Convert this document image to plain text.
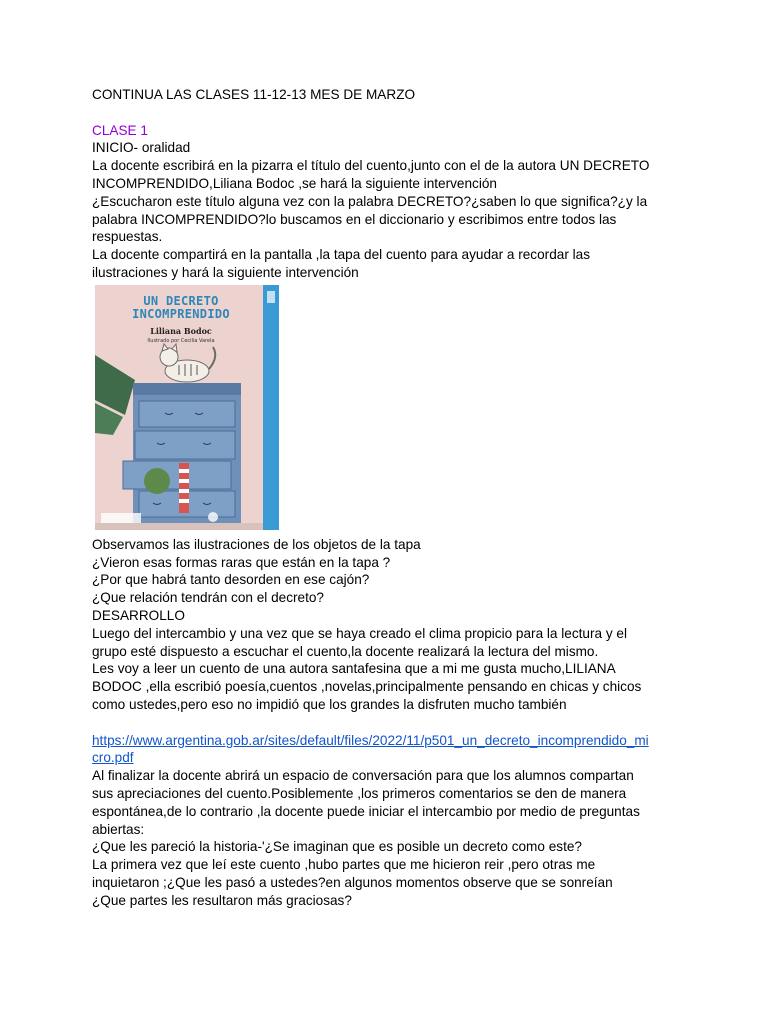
CONTINUA LAS CLASES 11-12-13 MES DE MARZO
CLASE 1
INICIO- oralidad
La docente escribirá en la pizarra el título del cuento,junto con el de la autora UN DECRETO
INCOMPRENDIDO,Liliana Bodoc ,se hará la siguiente intervención
¿Escucharon este título alguna vez con la palabra DECRETO?¿saben lo que significa?¿y la
palabra INCOMPRENDIDO?lo buscamos en el diccionario y escribimos entre todos las
respuestas.
La docente compartirá en la pantalla ,la tapa del cuento para ayudar a recordar las
ilustraciones y hará la siguiente intervención
UN DECRETO
INCOMPRENDIDO
Liliana Bodoc
Ilustrado por Cecilia Varela
Observamos las ilustraciones de los objetos de la tapa
¿Vieron esas formas raras que están en la tapa ?
¿Por que habrá tanto desorden en ese cajón?
¿Que relación tendrán con el decreto?
DESARROLLO
Luego del intercambio y una vez que se haya creado el clima propicio para la lectura y el
grupo esté dispuesto a escuchar el cuento,la docente realizará la lectura del mismo.
Les voy a leer un cuento de una autora santafesina que a mi me gusta mucho,LILIANA
BODOC ,ella escribió poesía,cuentos ,novelas,principalmente pensando en chicas y chicos
como ustedes,pero eso no impidió que los grandes la disfruten mucho también
https://www.argentina.gob.ar/sites/default/files/2022/11/p501_un_decreto_incomprendido_mi
cro.pdf
Al finalizar la docente abrirá un espacio de conversación para que los alumnos compartan
sus apreciaciones del cuento.Posiblemente ,los primeros comentarios se den de manera
espontánea,de lo contrario ,la docente puede iniciar el intercambio por medio de preguntas
abiertas:
¿Que les pareció la historia-'¿Se imaginan que es posible un decreto como este?
La primera vez que leí este cuento ,hubo partes que me hicieron reir ,pero otras me
inquietaron ;¿Que les pasó a ustedes?en algunos momentos observe que se sonreían
¿Que partes les resultaron más graciosas?
